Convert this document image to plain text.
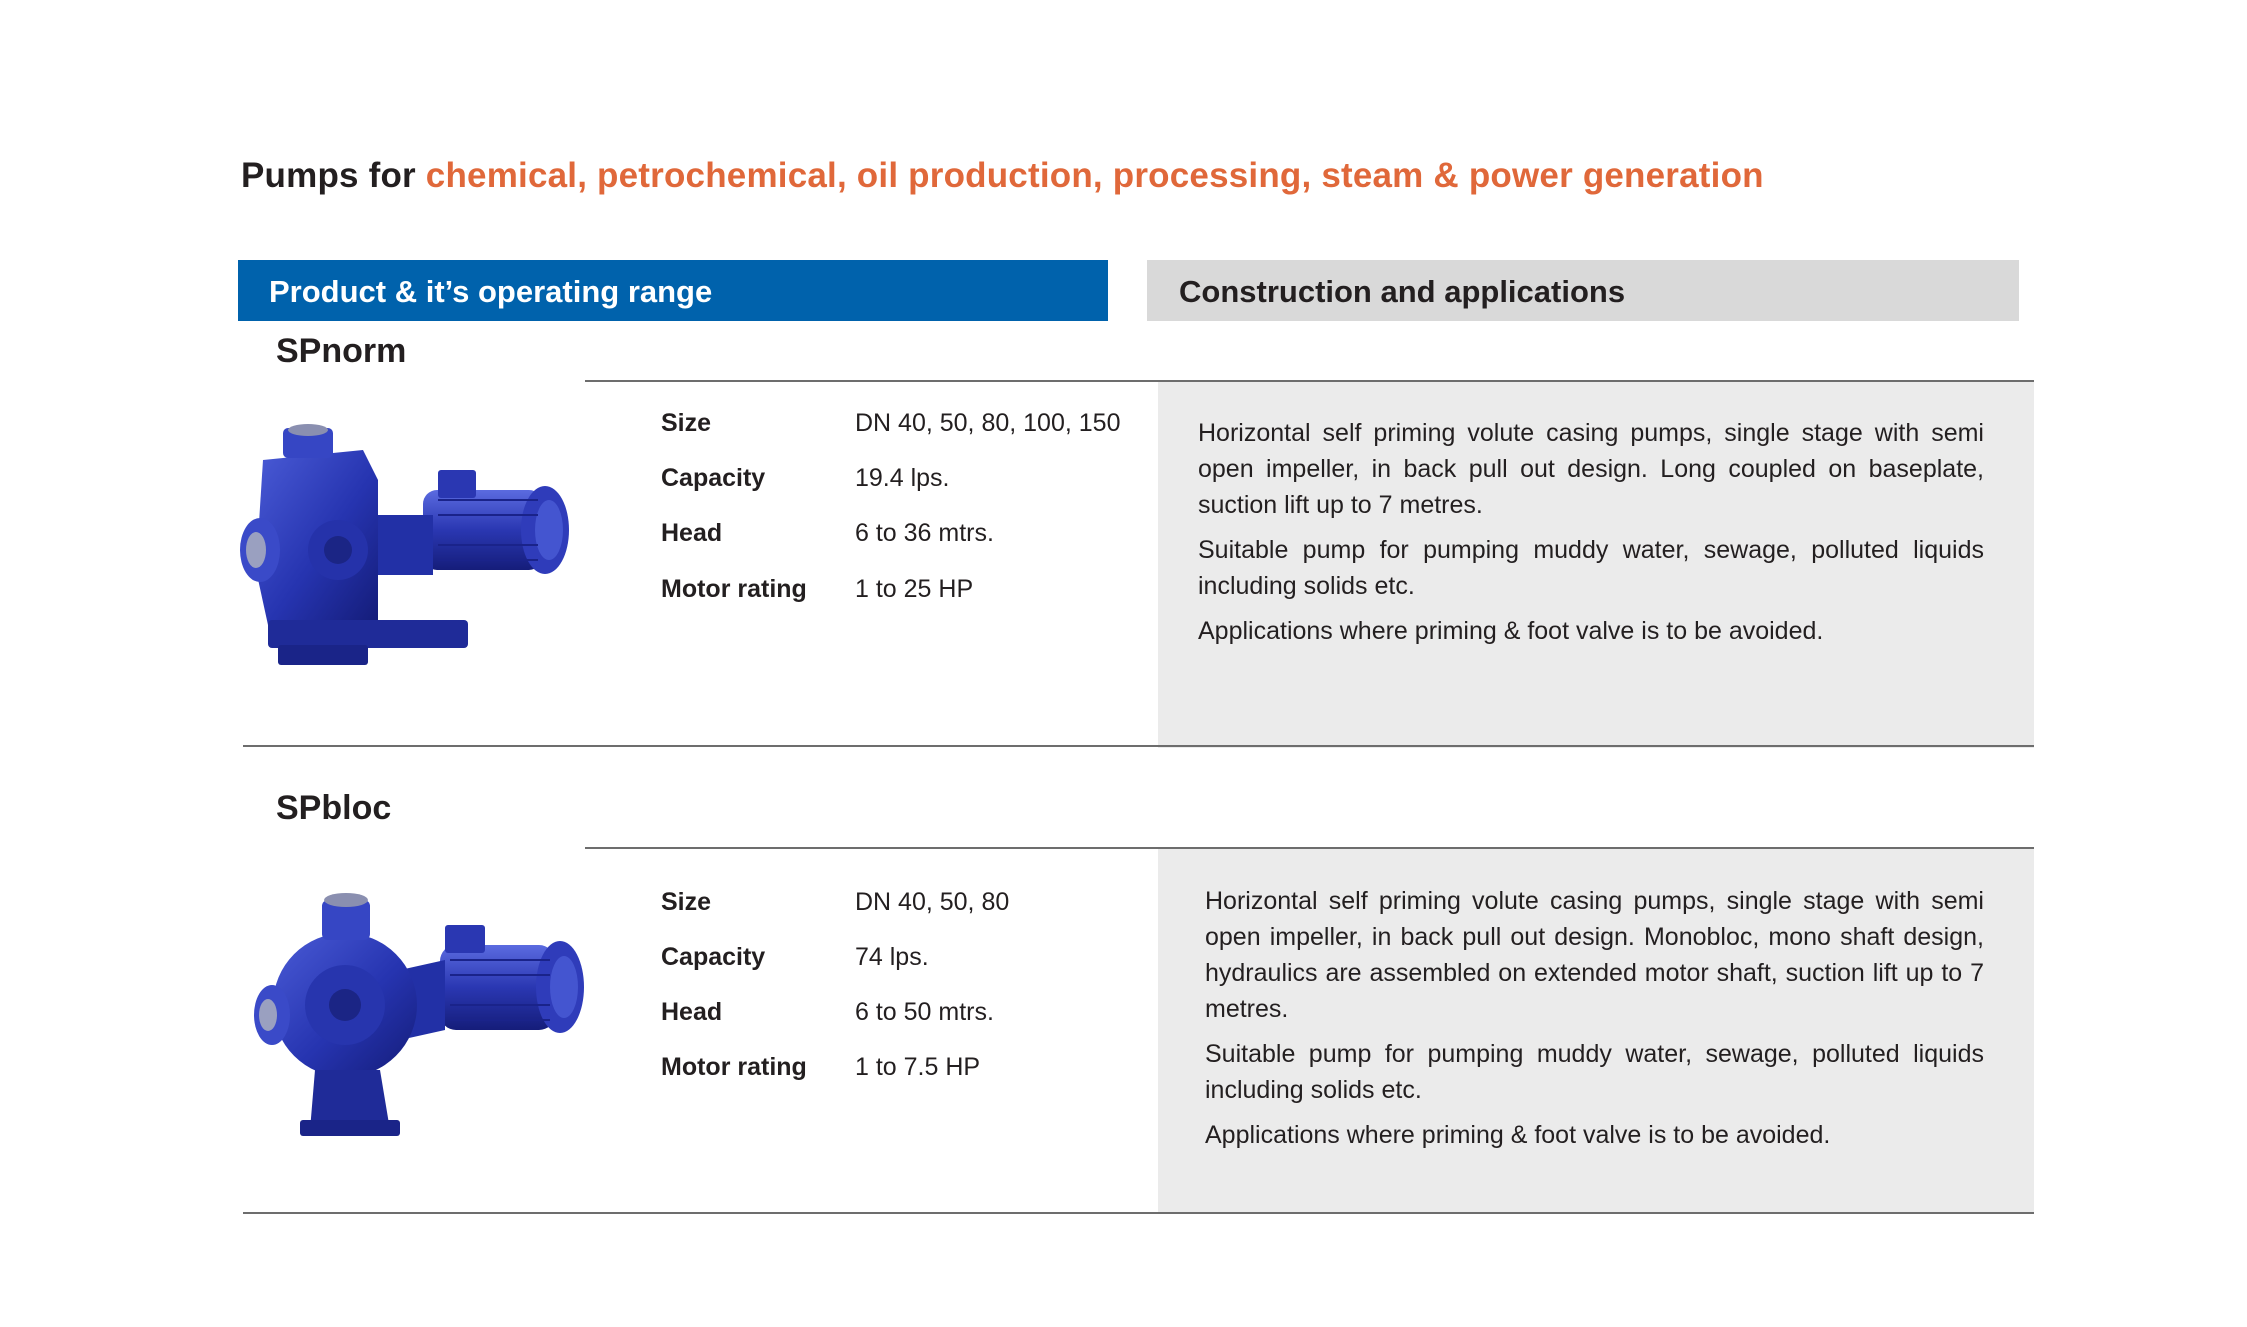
Pumps for chemical, petrochemical, oil production, processing, steam & power generation
Product & it’s operating range	Construction and applications
SPnorm
Size	DN 40, 50, 80, 100, 150
Capacity	19.4 lps.
Head	6 to 36 mtrs.
Motor rating 1 to 25 HP

Horizontal self priming volute casing pumps, single stage with semi open impeller, in back pull out design. Long coupled on baseplate, suction lift up to 7 metres.

Suitable pump for pumping muddy water, sewage, polluted liquids including solids etc.

Applications where priming & foot valve is to be avoided.

SPbloc
Size	DN 40, 50, 80
Capacity	74 lps.
Head	6 to 50 mtrs.
Motor rating 1 to 7.5 HP

Horizontal self priming volute casing pumps, single stage with semi open impeller, in back pull out design. Monobloc, mono shaft design, hydraulics are assembled on extended motor shaft, suction lift up to 7 metres.

Suitable pump for pumping muddy water, sewage, polluted liquids including solids etc.

Applications where priming & foot valve is to be avoided.
